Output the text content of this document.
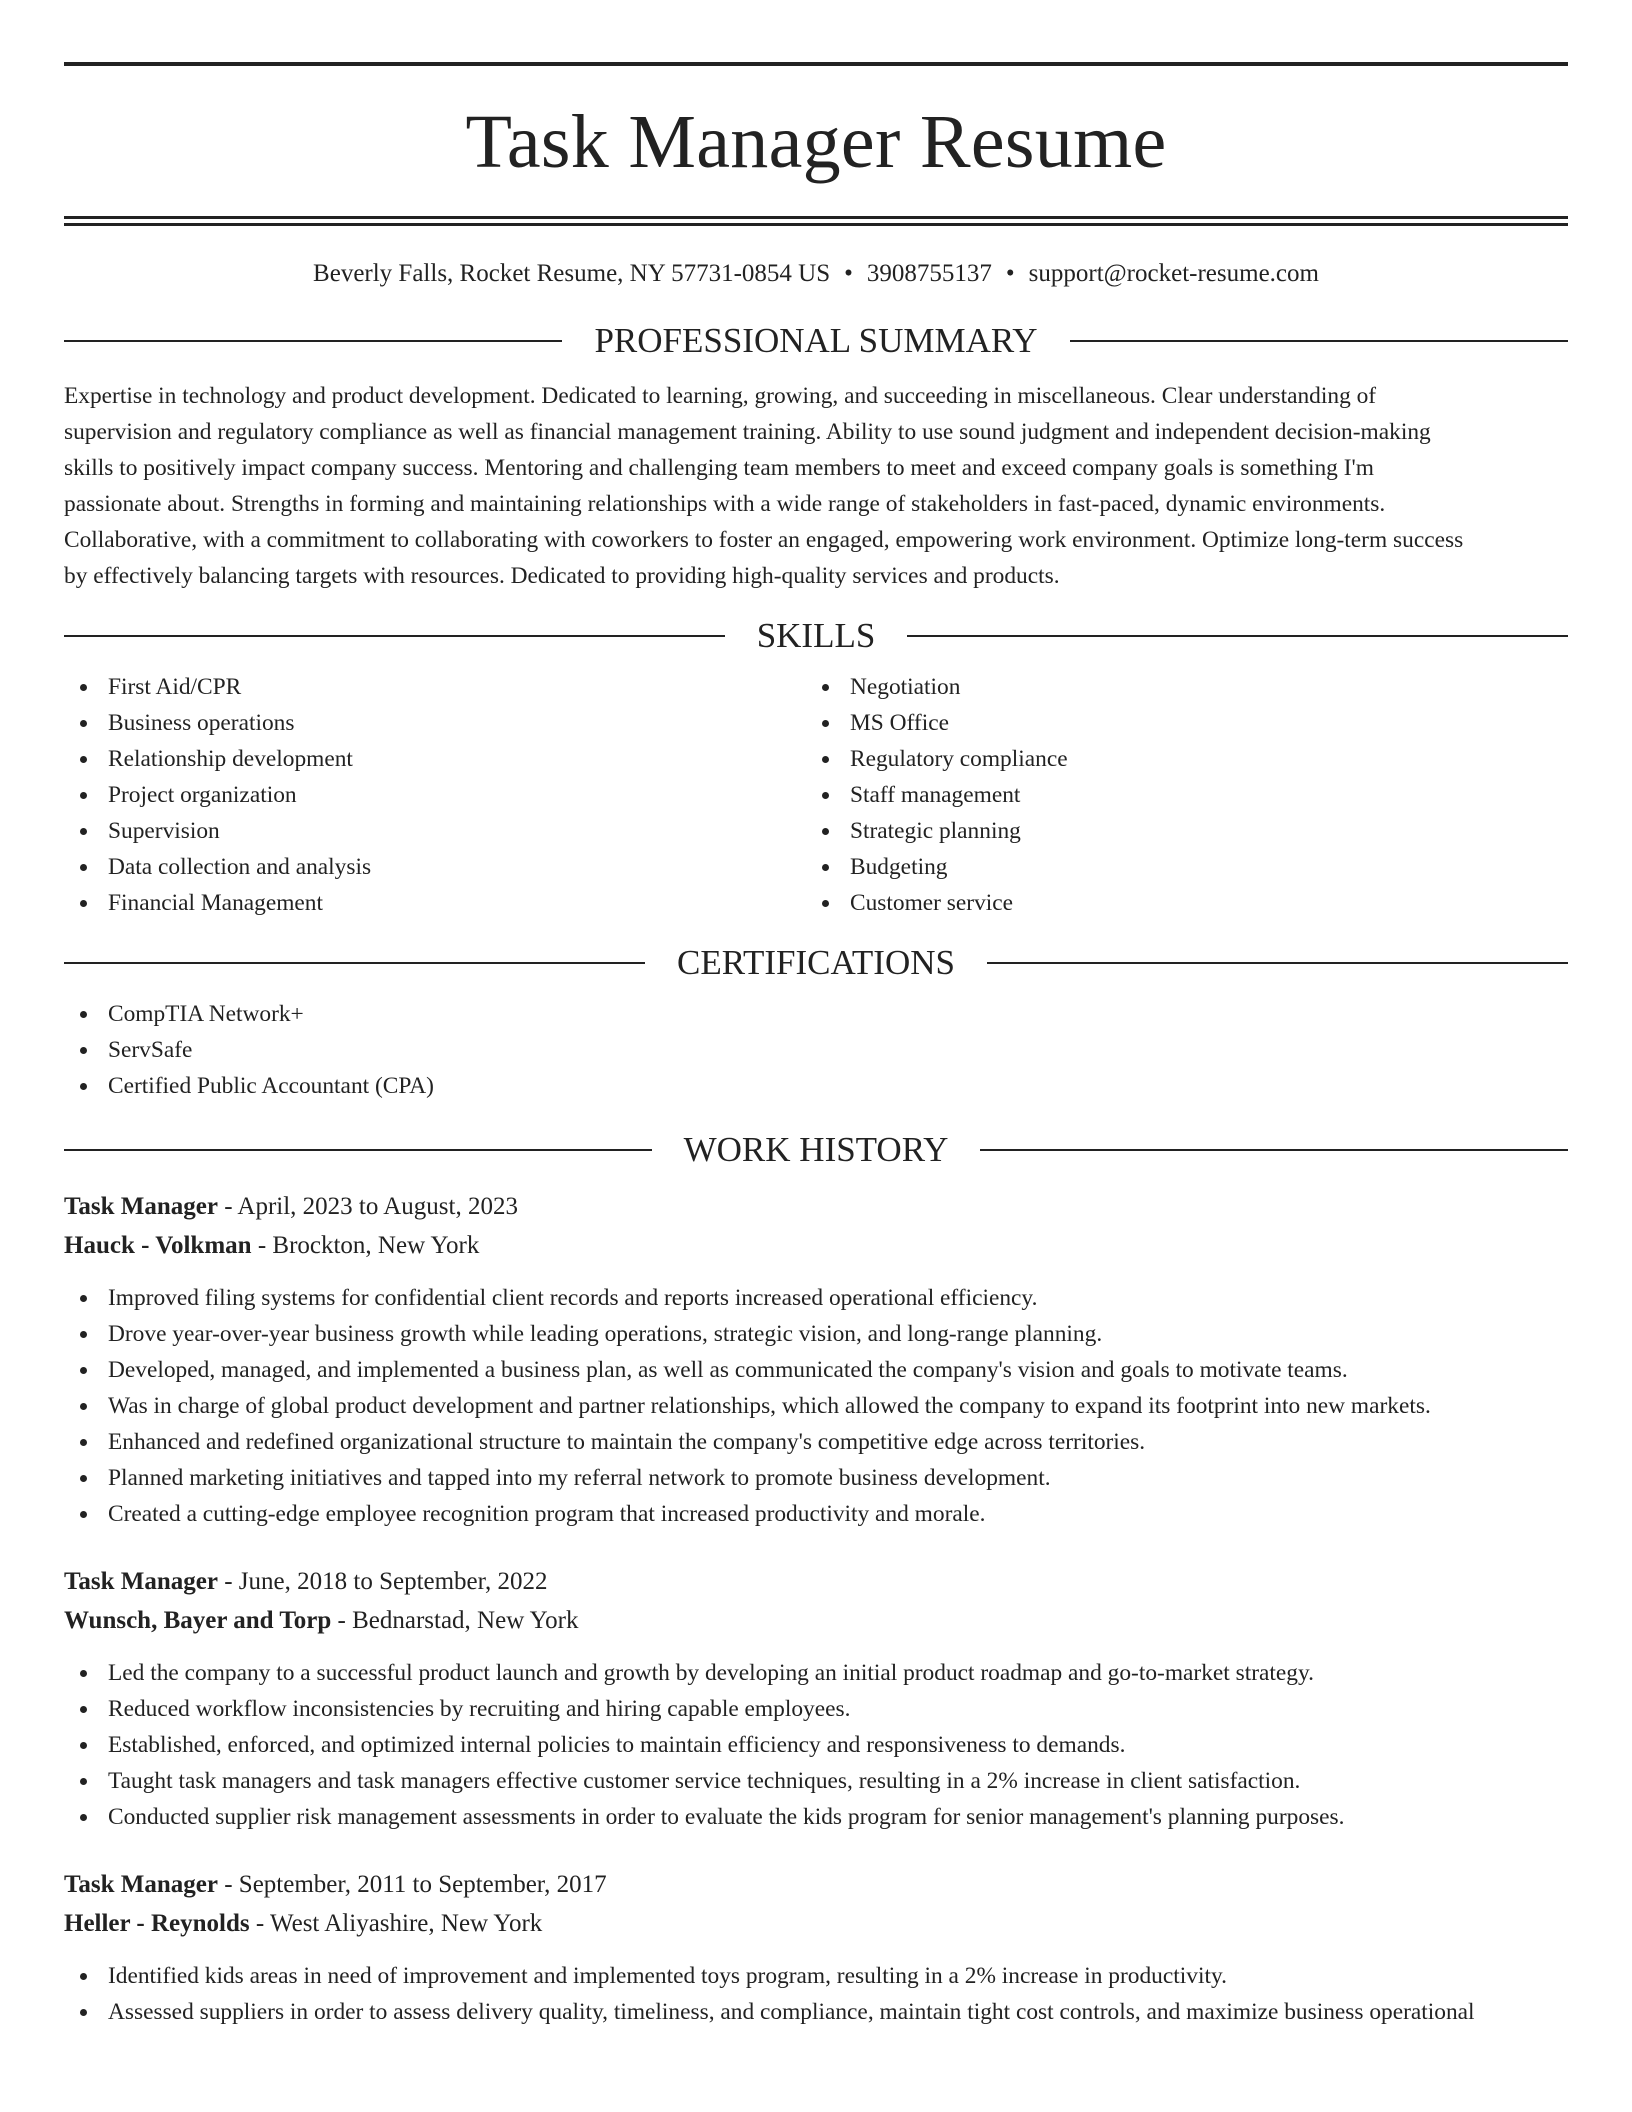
Task Manager Resume
Beverly Falls, Rocket Resume, NY 57731-0854 US • 3908755137 • support@rocket-resume.com
PROFESSIONAL SUMMARY
Expertise in technology and product development. Dedicated to learning, growing, and succeeding in miscellaneous. Clear understanding of
supervision and regulatory compliance as well as financial management training. Ability to use sound judgment and independent decision-making
skills to positively impact company success. Mentoring and challenging team members to meet and exceed company goals is something I'm
passionate about. Strengths in forming and maintaining relationships with a wide range of stakeholders in fast-paced, dynamic environments.
Collaborative, with a commitment to collaborating with coworkers to foster an engaged, empowering work environment. Optimize long-term success
by effectively balancing targets with resources. Dedicated to providing high-quality services and products.
SKILLS
First Aid/CPR
Business operations
Relationship development
Project organization
Supervision
Data collection and analysis
Financial Management
Negotiation
MS Office
Regulatory compliance
Staff management
Strategic planning
Budgeting
Customer service
CERTIFICATIONS
CompTIA Network+
ServSafe
Certified Public Accountant (CPA)
WORK HISTORY

Task Manager - April, 2023 to August, 2023

Hauck - Volkman - Brockton, New York

Improved filing systems for confidential client records and reports increased operational efficiency.
Drove year-over-year business growth while leading operations, strategic vision, and long-range planning.
Developed, managed, and implemented a business plan, as well as communicated the company's vision and goals to motivate teams.
Was in charge of global product development and partner relationships, which allowed the company to expand its footprint into new markets.
Enhanced and redefined organizational structure to maintain the company's competitive edge across territories.
Planned marketing initiatives and tapped into my referral network to promote business development.
Created a cutting-edge employee recognition program that increased productivity and morale.

Task Manager - June, 2018 to September, 2022

Wunsch, Bayer and Torp - Bednarstad, New York

Led the company to a successful product launch and growth by developing an initial product roadmap and go-to-market strategy.
Reduced workflow inconsistencies by recruiting and hiring capable employees.
Established, enforced, and optimized internal policies to maintain efficiency and responsiveness to demands.
Taught task managers and task managers effective customer service techniques, resulting in a 2% increase in client satisfaction.
Conducted supplier risk management assessments in order to evaluate the kids program for senior management's planning purposes.

Task Manager - September, 2011 to September, 2017

Heller - Reynolds - West Aliyashire, New York

Identified kids areas in need of improvement and implemented toys program, resulting in a 2% increase in productivity.
Assessed suppliers in order to assess delivery quality, timeliness, and compliance, maintain tight cost controls, and maximize business operational
